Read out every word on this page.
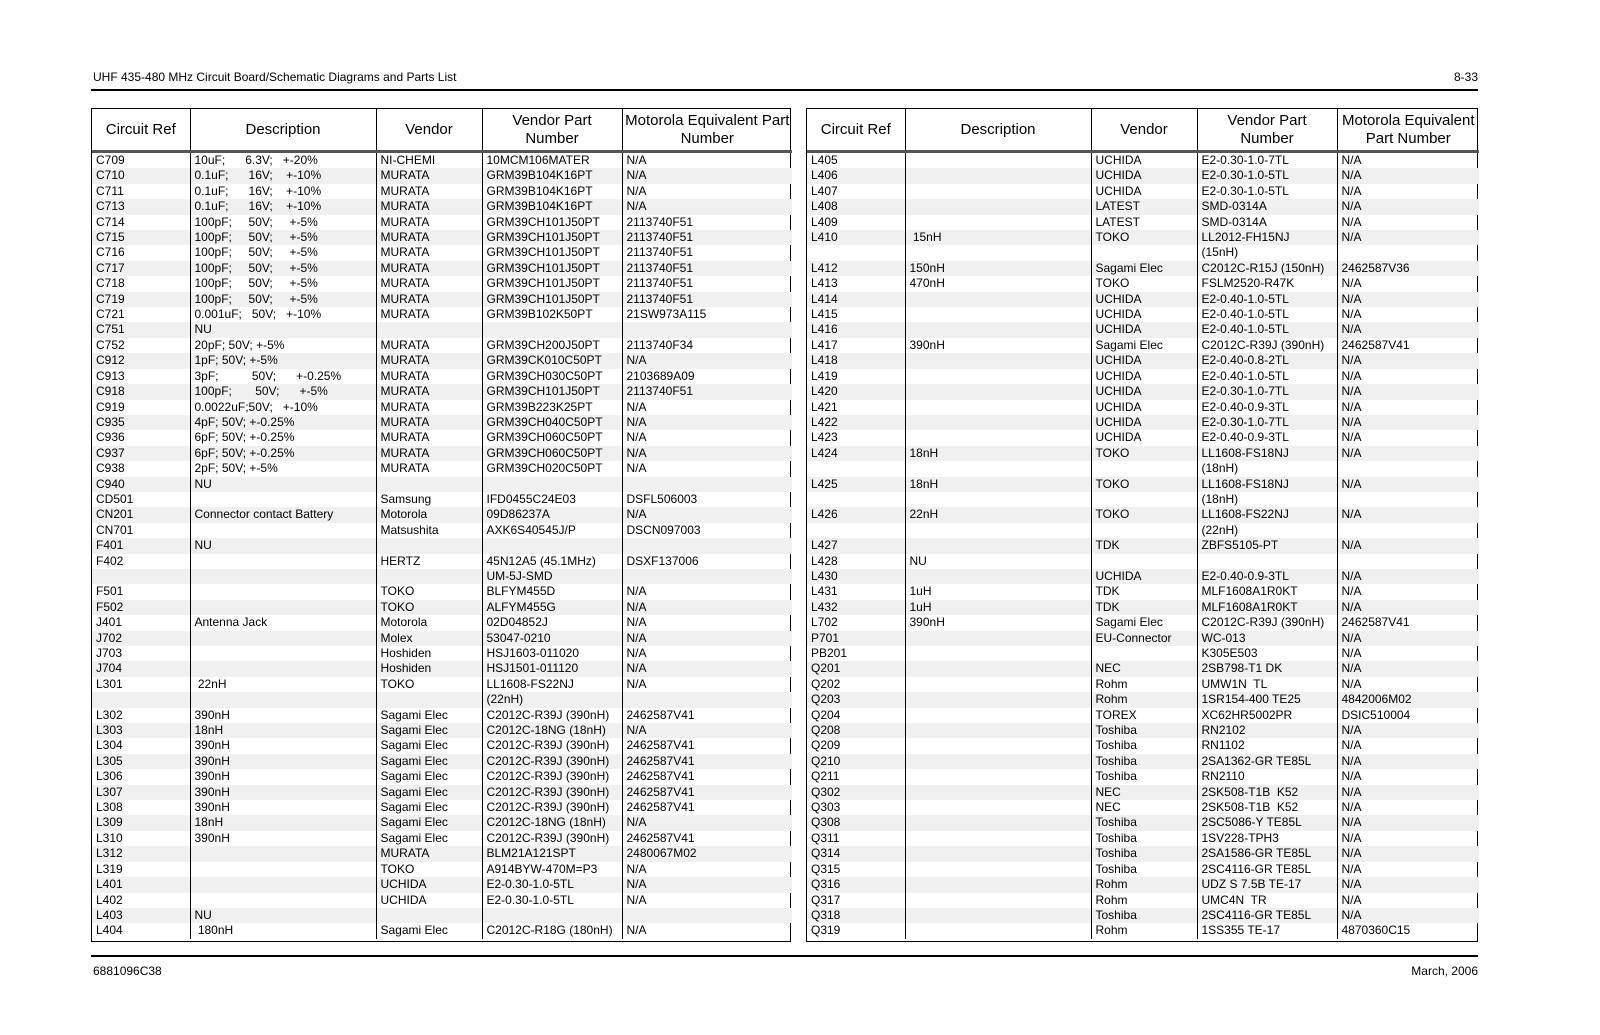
UHF 435-480 MHz Circuit Board/Schematic Diagrams and Parts List	8-33
Circuit Ref	Description	Vendor	Vendor Part Number	Motorola Equivalent Part Number
C709	10uF;      6.3V;   +-20%	NI-CHEMI	10MCM106MATER	N/A
C710	0.1uF;      16V;    +-10%	MURATA	GRM39B104K16PT	N/A
C711	0.1uF;      16V;    +-10%	MURATA	GRM39B104K16PT	N/A
C713	0.1uF;      16V;    +-10%	MURATA	GRM39B104K16PT	N/A
C714	100pF;     50V;     +-5%	MURATA	GRM39CH101J50PT	2113740F51
C715	100pF;     50V;     +-5%	MURATA	GRM39CH101J50PT	2113740F51
C716	100pF;     50V;     +-5%	MURATA	GRM39CH101J50PT	2113740F51
C717	100pF;     50V;     +-5%	MURATA	GRM39CH101J50PT	2113740F51
C718	100pF;     50V;     +-5%	MURATA	GRM39CH101J50PT	2113740F51
C719	100pF;     50V;     +-5%	MURATA	GRM39CH101J50PT	2113740F51
C721	0.001uF;   50V;   +-10%	MURATA	GRM39B102K50PT	21SW973A115
C751	NU			
C752	20pF; 50V; +-5%	MURATA	GRM39CH200J50PT	2113740F34
C912	1pF; 50V; +-5%	MURATA	GRM39CK010C50PT	N/A
C913	3pF;          50V;      +-0.25%	MURATA	GRM39CH030C50PT	2103689A09
C918	100pF;       50V;      +-5%	MURATA	GRM39CH101J50PT	2113740F51
C919	0.0022uF;50V;   +-10%	MURATA	GRM39B223K25PT	N/A
C935	4pF; 50V; +-0.25%	MURATA	GRM39CH040C50PT	N/A
C936	6pF; 50V; +-0.25%	MURATA	GRM39CH060C50PT	N/A
C937	6pF; 50V; +-0.25%	MURATA	GRM39CH060C50PT	N/A
C938	2pF; 50V; +-5%	MURATA	GRM39CH020C50PT	N/A
C940	NU			
CD501		Samsung	IFD0455C24E03	DSFL506003
CN201	Connector contact Battery	Motorola	09D86237A	N/A
CN701		Matsushita	AXK6S40545J/P	DSCN097003
F401	NU			
F402		HERTZ	45N12A5 (45.1MHz)	DSXF137006
			UM-5J-SMD	
F501		TOKO	BLFYM455D	N/A
F502		TOKO	ALFYM455G	N/A
J401	Antenna Jack	Motorola	02D04852J	N/A
J702		Molex	53047-0210	N/A
J703		Hoshiden	HSJ1603-011020	N/A
J704		Hoshiden	HSJ1501-011120	N/A
L301	22nH	TOKO	LL1608-FS22NJ	N/A
			(22nH)	
L302	390nH	Sagami Elec	C2012C-R39J (390nH)	2462587V41
L303	18nH	Sagami Elec	C2012C-18NG (18nH)	N/A
L304	390nH	Sagami Elec	C2012C-R39J (390nH)	2462587V41
L305	390nH	Sagami Elec	C2012C-R39J (390nH)	2462587V41
L306	390nH	Sagami Elec	C2012C-R39J (390nH)	2462587V41
L307	390nH	Sagami Elec	C2012C-R39J (390nH)	2462587V41
L308	390nH	Sagami Elec	C2012C-R39J (390nH)	2462587V41
L309	18nH	Sagami Elec	C2012C-18NG (18nH)	N/A
L310	390nH	Sagami Elec	C2012C-R39J (390nH)	2462587V41
L312		MURATA	BLM21A121SPT	2480067M02
L319		TOKO	A914BYW-470M=P3	N/A
L401		UCHIDA	E2-0.30-1.0-5TL	N/A
L402		UCHIDA	E2-0.30-1.0-5TL	N/A
L403	NU			
L404	180nH	Sagami Elec	C2012C-R18G (180nH)	N/A
Circuit Ref	Description	Vendor	Vendor Part Number	Motorola Equivalent Part Number
L405		UCHIDA	E2-0.30-1.0-7TL	N/A
L406		UCHIDA	E2-0.30-1.0-5TL	N/A
L407		UCHIDA	E2-0.30-1.0-5TL	N/A
L408		LATEST	SMD-0314A	N/A
L409		LATEST	SMD-0314A	N/A
L410	15nH	TOKO	LL2012-FH15NJ	N/A
			(15nH)	
L412	150nH	Sagami Elec	C2012C-R15J (150nH)	2462587V36
L413	470nH	TOKO	FSLM2520-R47K	N/A
L414		UCHIDA	E2-0.40-1.0-5TL	N/A
L415		UCHIDA	E2-0.40-1.0-5TL	N/A
L416		UCHIDA	E2-0.40-1.0-5TL	N/A
L417	390nH	Sagami Elec	C2012C-R39J (390nH)	2462587V41
L418		UCHIDA	E2-0.40-0.8-2TL	N/A
L419		UCHIDA	E2-0.40-1.0-5TL	N/A
L420		UCHIDA	E2-0.30-1.0-7TL	N/A
L421		UCHIDA	E2-0.40-0.9-3TL	N/A
L422		UCHIDA	E2-0.30-1.0-7TL	N/A
L423		UCHIDA	E2-0.40-0.9-3TL	N/A
L424	18nH	TOKO	LL1608-FS18NJ	N/A
			(18nH)	
L425	18nH	TOKO	LL1608-FS18NJ	N/A
			(18nH)	
L426	22nH	TOKO	LL1608-FS22NJ	N/A
			(22nH)	
L427		TDK	ZBFS5105-PT	N/A
L428	NU			
L430		UCHIDA	E2-0.40-0.9-3TL	N/A
L431	1uH	TDK	MLF1608A1R0KT	N/A
L432	1uH	TDK	MLF1608A1R0KT	N/A
L702	390nH	Sagami Elec	C2012C-R39J (390nH)	2462587V41
P701		EU-Connector	WC-013	N/A
PB201			K305E503	N/A
Q201		NEC	2SB798-T1 DK	N/A
Q202		Rohm	UMW1N  TL	N/A
Q203		Rohm	1SR154-400 TE25	4842006M02
Q204		TOREX	XC62HR5002PR	DSIC510004
Q208		Toshiba	RN2102	N/A
Q209		Toshiba	RN1102	N/A
Q210		Toshiba	2SA1362-GR TE85L	N/A
Q211		Toshiba	RN2110	N/A
Q302		NEC	2SK508-T1B  K52	N/A
Q303		NEC	2SK508-T1B  K52	N/A
Q308		Toshiba	2SC5086-Y TE85L	N/A
Q311		Toshiba	1SV228-TPH3	N/A
Q314		Toshiba	2SA1586-GR TE85L	N/A
Q315		Toshiba	2SC4116-GR TE85L	N/A
Q316		Rohm	UDZ S 7.5B TE-17	N/A
Q317		Rohm	UMC4N  TR	N/A
Q318		Toshiba	2SC4116-GR TE85L	N/A
Q319		Rohm	1SS355 TE-17	4870360C15
6881096C38	March, 2006
